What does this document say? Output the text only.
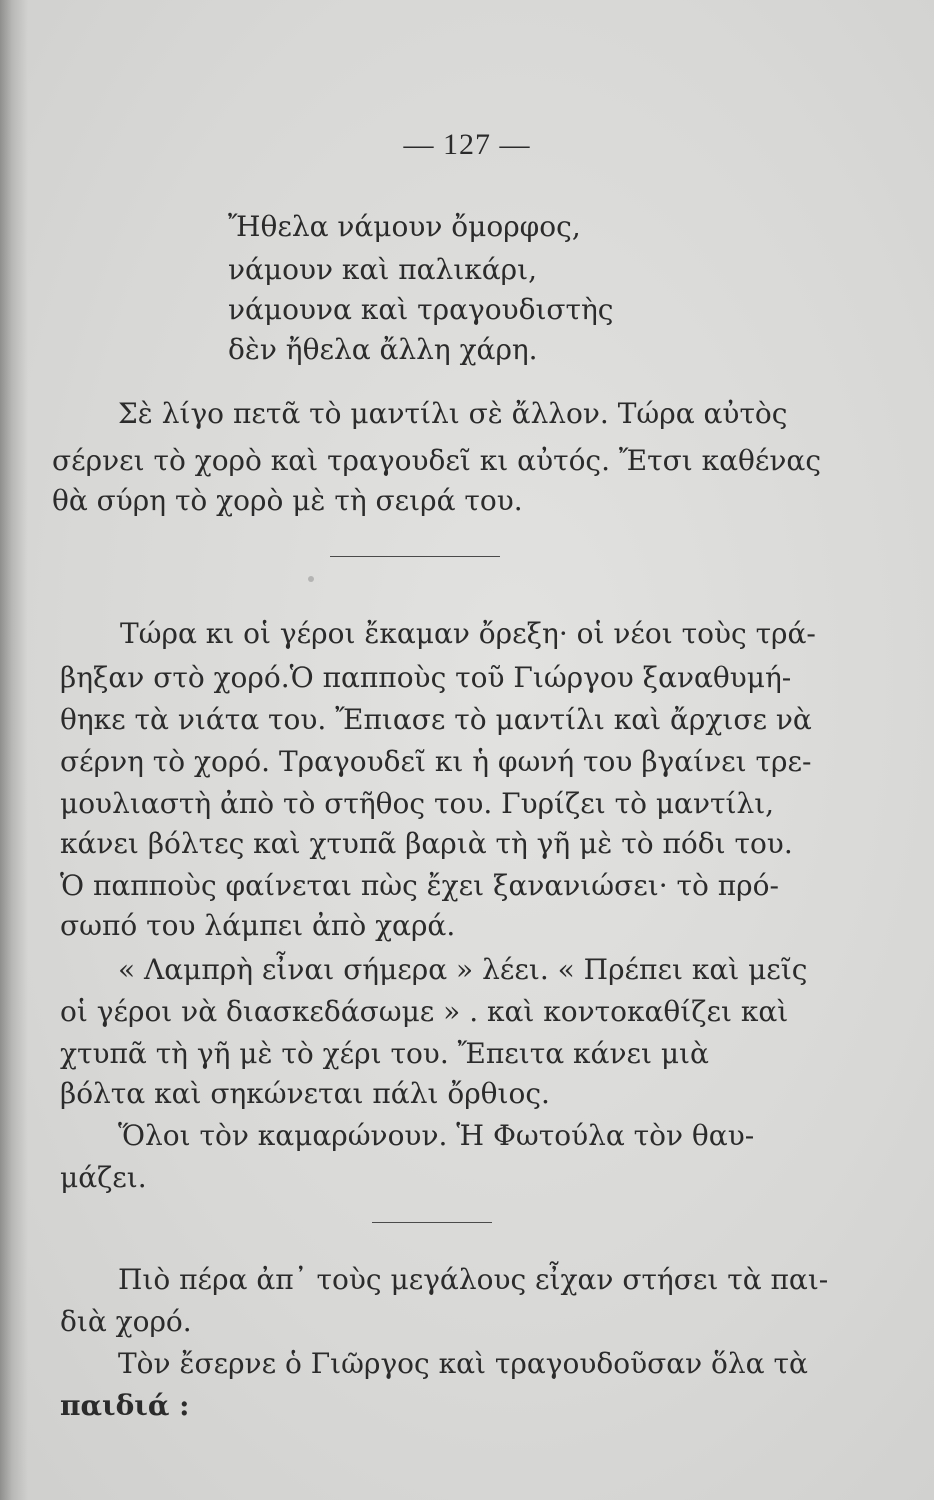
— 127 —
Ἤθελα νάμουν ὄμορφος,
νάμουν καὶ παλικάρι,
νάμουνα καὶ τραγουδιστὴς
δὲν ἤθελα ἄλλη χάρη.
Σὲ λίγο πετᾶ τὸ μαντίλι σὲ ἄλλον. Τώρα αὐτὸς
σέρνει τὸ χορὸ καὶ τραγουδεῖ κι αὐτός. Ἔτσι καθένας
θὰ σύρη τὸ χορὸ μὲ τὴ σειρά του.
Τώρα κι οἱ γέροι ἔκαμαν ὄρεξη· οἱ νέοι τοὺς τρά-
βηξαν στὸ χορό.Ὁ παπποὺς τοῦ Γιώργου ξαναθυμή-
θηκε τὰ νιάτα του. Ἔπιασε τὸ μαντίλι καὶ ἄρχισε νὰ
σέρνη τὸ χορό. Τραγουδεῖ κι ἡ φωνή του βγαίνει τρε-
μουλιαστὴ ἀπὸ τὸ στῆθος του. Γυρίζει τὸ μαντίλι,
κάνει βόλτες καὶ χτυπᾶ βαριὰ τὴ γῆ μὲ τὸ πόδι του.
Ὁ παπποὺς φαίνεται πὼς ἔχει ξανανιώσει· τὸ πρό-
σωπό του λάμπει ἀπὸ χαρά.
« Λαμπρὴ εἶναι σήμερα » λέει. « Πρέπει καὶ μεῖς
οἱ γέροι νὰ διασκεδάσωμε » . καὶ κοντοκαθίζει καὶ
χτυπᾶ τὴ γῆ μὲ τὸ χέρι του. Ἔπειτα κάνει μιὰ
βόλτα καὶ σηκώνεται πάλι ὄρθιος.
Ὅλοι τὸν καμαρώνουν. Ἡ Φωτούλα τὸν θαυ-
μάζει.
Πιὸ πέρα ἀπ᾿ τοὺς μεγάλους εἶχαν στήσει τὰ παι-
διὰ χορό.
Τὸν ἔσερνε ὁ Γιῶργος καὶ τραγουδοῦσαν ὅλα τὰ
παιδιά :
